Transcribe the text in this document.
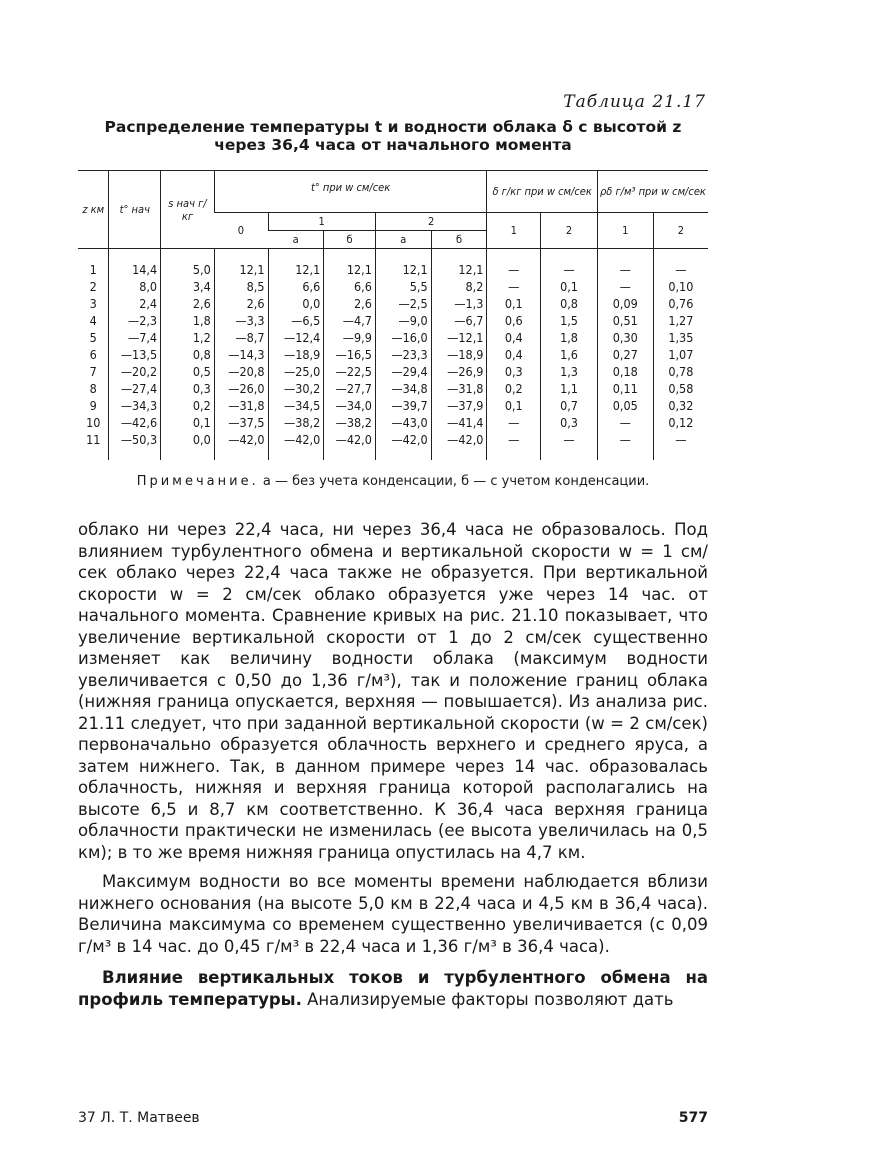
Таблица 21.17
Распределение температуры t и водности облака δ с высотой z
через 36,4 часа от начального момента
z км	t° нач	s нач г/кг	t° при w см/сек					δ г/кг при w см/сек		ρδ г/м³ при w см/сек	
			0	1		2		1	2	1	2
				а	б	а	б				
1	14,4	5,0	12,1	12,1	12,1	12,1	12,1	—	—	—	—
2	8,0	3,4	8,5	6,6	6,6	5,5	8,2	—	0,1	—	0,10
3	2,4	2,6	2,6	0,0	2,6	—2,5	—1,3	0,1	0,8	0,09	0,76
4	—2,3	1,8	—3,3	—6,5	—4,7	—9,0	—6,7	0,6	1,5	0,51	1,27
5	—7,4	1,2	—8,7	—12,4	—9,9	—16,0	—12,1	0,4	1,8	0,30	1,35
6	—13,5	0,8	—14,3	—18,9	—16,5	—23,3	—18,9	0,4	1,6	0,27	1,07
7	—20,2	0,5	—20,8	—25,0	—22,5	—29,4	—26,9	0,3	1,3	0,18	0,78
8	—27,4	0,3	—26,0	—30,2	—27,7	—34,8	—31,8	0,2	1,1	0,11	0,58
9	—34,3	0,2	—31,8	—34,5	—34,0	—39,7	—37,9	0,1	0,7	0,05	0,32
10	—42,6	0,1	—37,5	—38,2	—38,2	—43,0	—41,4	—	0,3	—	0,12
11	—50,3	0,0	—42,0	—42,0	—42,0	—42,0	—42,0	—	—	—	—
Примечание. а — без учета конденсации, б — с учетом конденсации.

облако ни через 22,4 часа, ни через 36,4 часа не образовалось. Под влиянием турбулентного обмена и вертикальной скорости w = 1 см/сек облако через 22,4 часа также не образуется. При вертикальной скорости w = 2 см/сек облако образуется уже через 14 час. от начального момента. Сравнение кривых на рис. 21.10 показывает, что увеличение вертикальной скорости от 1 до 2 см/сек существенно изменяет как величину водности облака (максимум водности увеличивается с 0,50 до 1,36 г/м³), так и положение границ облака (нижняя граница опускается, верхняя — повышается). Из анализа рис. 21.11 следует, что при заданной вертикальной скорости (w = 2 см/сек) первоначально образуется облачность верхнего и среднего яруса, а затем нижнего. Так, в данном примере через 14 час. образовалась облачность, нижняя и верхняя граница которой располагались на высоте 6,5 и 8,7 км соответственно. К 36,4 часа верхняя граница облачности практически не изменилась (ее высота увеличилась на 0,5 км); в то же время нижняя граница опустилась на 4,7 км.

Максимум водности во все моменты времени наблюдается вблизи нижнего основания (на высоте 5,0 км в 22,4 часа и 4,5 км в 36,4 часа). Величина максимума со временем существенно увеличивается (с 0,09 г/м³ в 14 час. до 0,45 г/м³ в 22,4 часа и 1,36 г/м³ в 36,4 часа).

Влияние вертикальных токов и турбулентного обмена на профиль температуры. Анализируемые факторы позволяют дать

37 Л. Т. Матвеев	577
